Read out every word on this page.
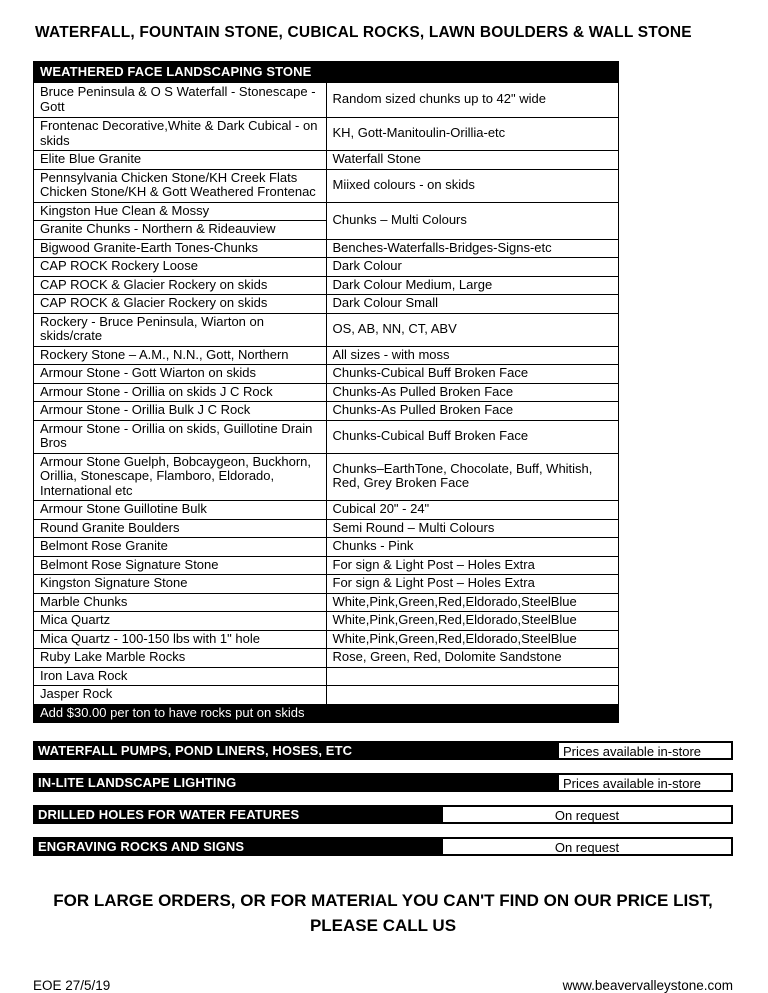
WATERFALL, FOUNTAIN STONE, CUBICAL ROCKS, LAWN BOULDERS & WALL STONE
WEATHERED FACE LANDSCAPING STONE	
Bruce Peninsula & O S Waterfall - Stonescape - Gott	Random sized chunks up to 42" wide
Frontenac Decorative,White & Dark Cubical - on skids	KH, Gott-Manitoulin-Orillia-etc
Elite Blue Granite	Waterfall Stone
Pennsylvania Chicken Stone/KH Creek Flats Chicken Stone/KH & Gott Weathered Frontenac	Miixed colours - on skids
Kingston Hue Clean & Mossy	Chunks – Multi Colours
Granite Chunks - Northern & Rideauview	
Bigwood Granite-Earth Tones-Chunks	Benches-Waterfalls-Bridges-Signs-etc
CAP ROCK Rockery Loose	Dark Colour
CAP ROCK & Glacier Rockery on skids	Dark Colour Medium, Large
CAP ROCK & Glacier Rockery on skids	Dark Colour Small
Rockery - Bruce Peninsula, Wiarton on skids/crate	OS, AB, NN, CT, ABV
Rockery Stone – A.M., N.N., Gott, Northern	All sizes - with moss
Armour Stone - Gott Wiarton on skids	Chunks-Cubical Buff Broken Face
Armour Stone - Orillia on skids J C Rock	Chunks-As Pulled Broken Face
Armour Stone - Orillia Bulk J C Rock	Chunks-As Pulled Broken Face
Armour Stone - Orillia on skids, Guillotine Drain Bros	Chunks-Cubical Buff Broken Face
Armour Stone Guelph, Bobcaygeon, Buckhorn, Orillia, Stonescape, Flamboro, Eldorado, International etc	Chunks–EarthTone, Chocolate, Buff, Whitish, Red, Grey Broken Face
Armour Stone Guillotine Bulk	Cubical 20" - 24"
Round Granite Boulders	Semi Round – Multi Colours
Belmont Rose Granite	Chunks - Pink
Belmont Rose Signature Stone	For sign & Light Post – Holes Extra
Kingston Signature Stone	For sign & Light Post – Holes Extra
Marble Chunks	White,Pink,Green,Red,Eldorado,SteelBlue
Mica Quartz	White,Pink,Green,Red,Eldorado,SteelBlue
Mica Quartz - 100-150 lbs with 1" hole	White,Pink,Green,Red,Eldorado,SteelBlue
Ruby Lake Marble Rocks	Rose, Green, Red, Dolomite Sandstone
Iron Lava Rock	
Jasper Rock	
Add $30.00 per ton to have rocks put on skids	
WATERFALL PUMPS, POND LINERS, HOSES, ETC	Prices available in-store
IN-LITE LANDSCAPE LIGHTING	Prices available in-store
DRILLED HOLES FOR WATER FEATURES	On request
ENGRAVING ROCKS AND SIGNS	On request
FOR LARGE ORDERS, OR FOR MATERIAL YOU CAN'T FIND ON OUR PRICE LIST,
PLEASE CALL US
EOE 27/5/19	www.beavervalleystone.com
